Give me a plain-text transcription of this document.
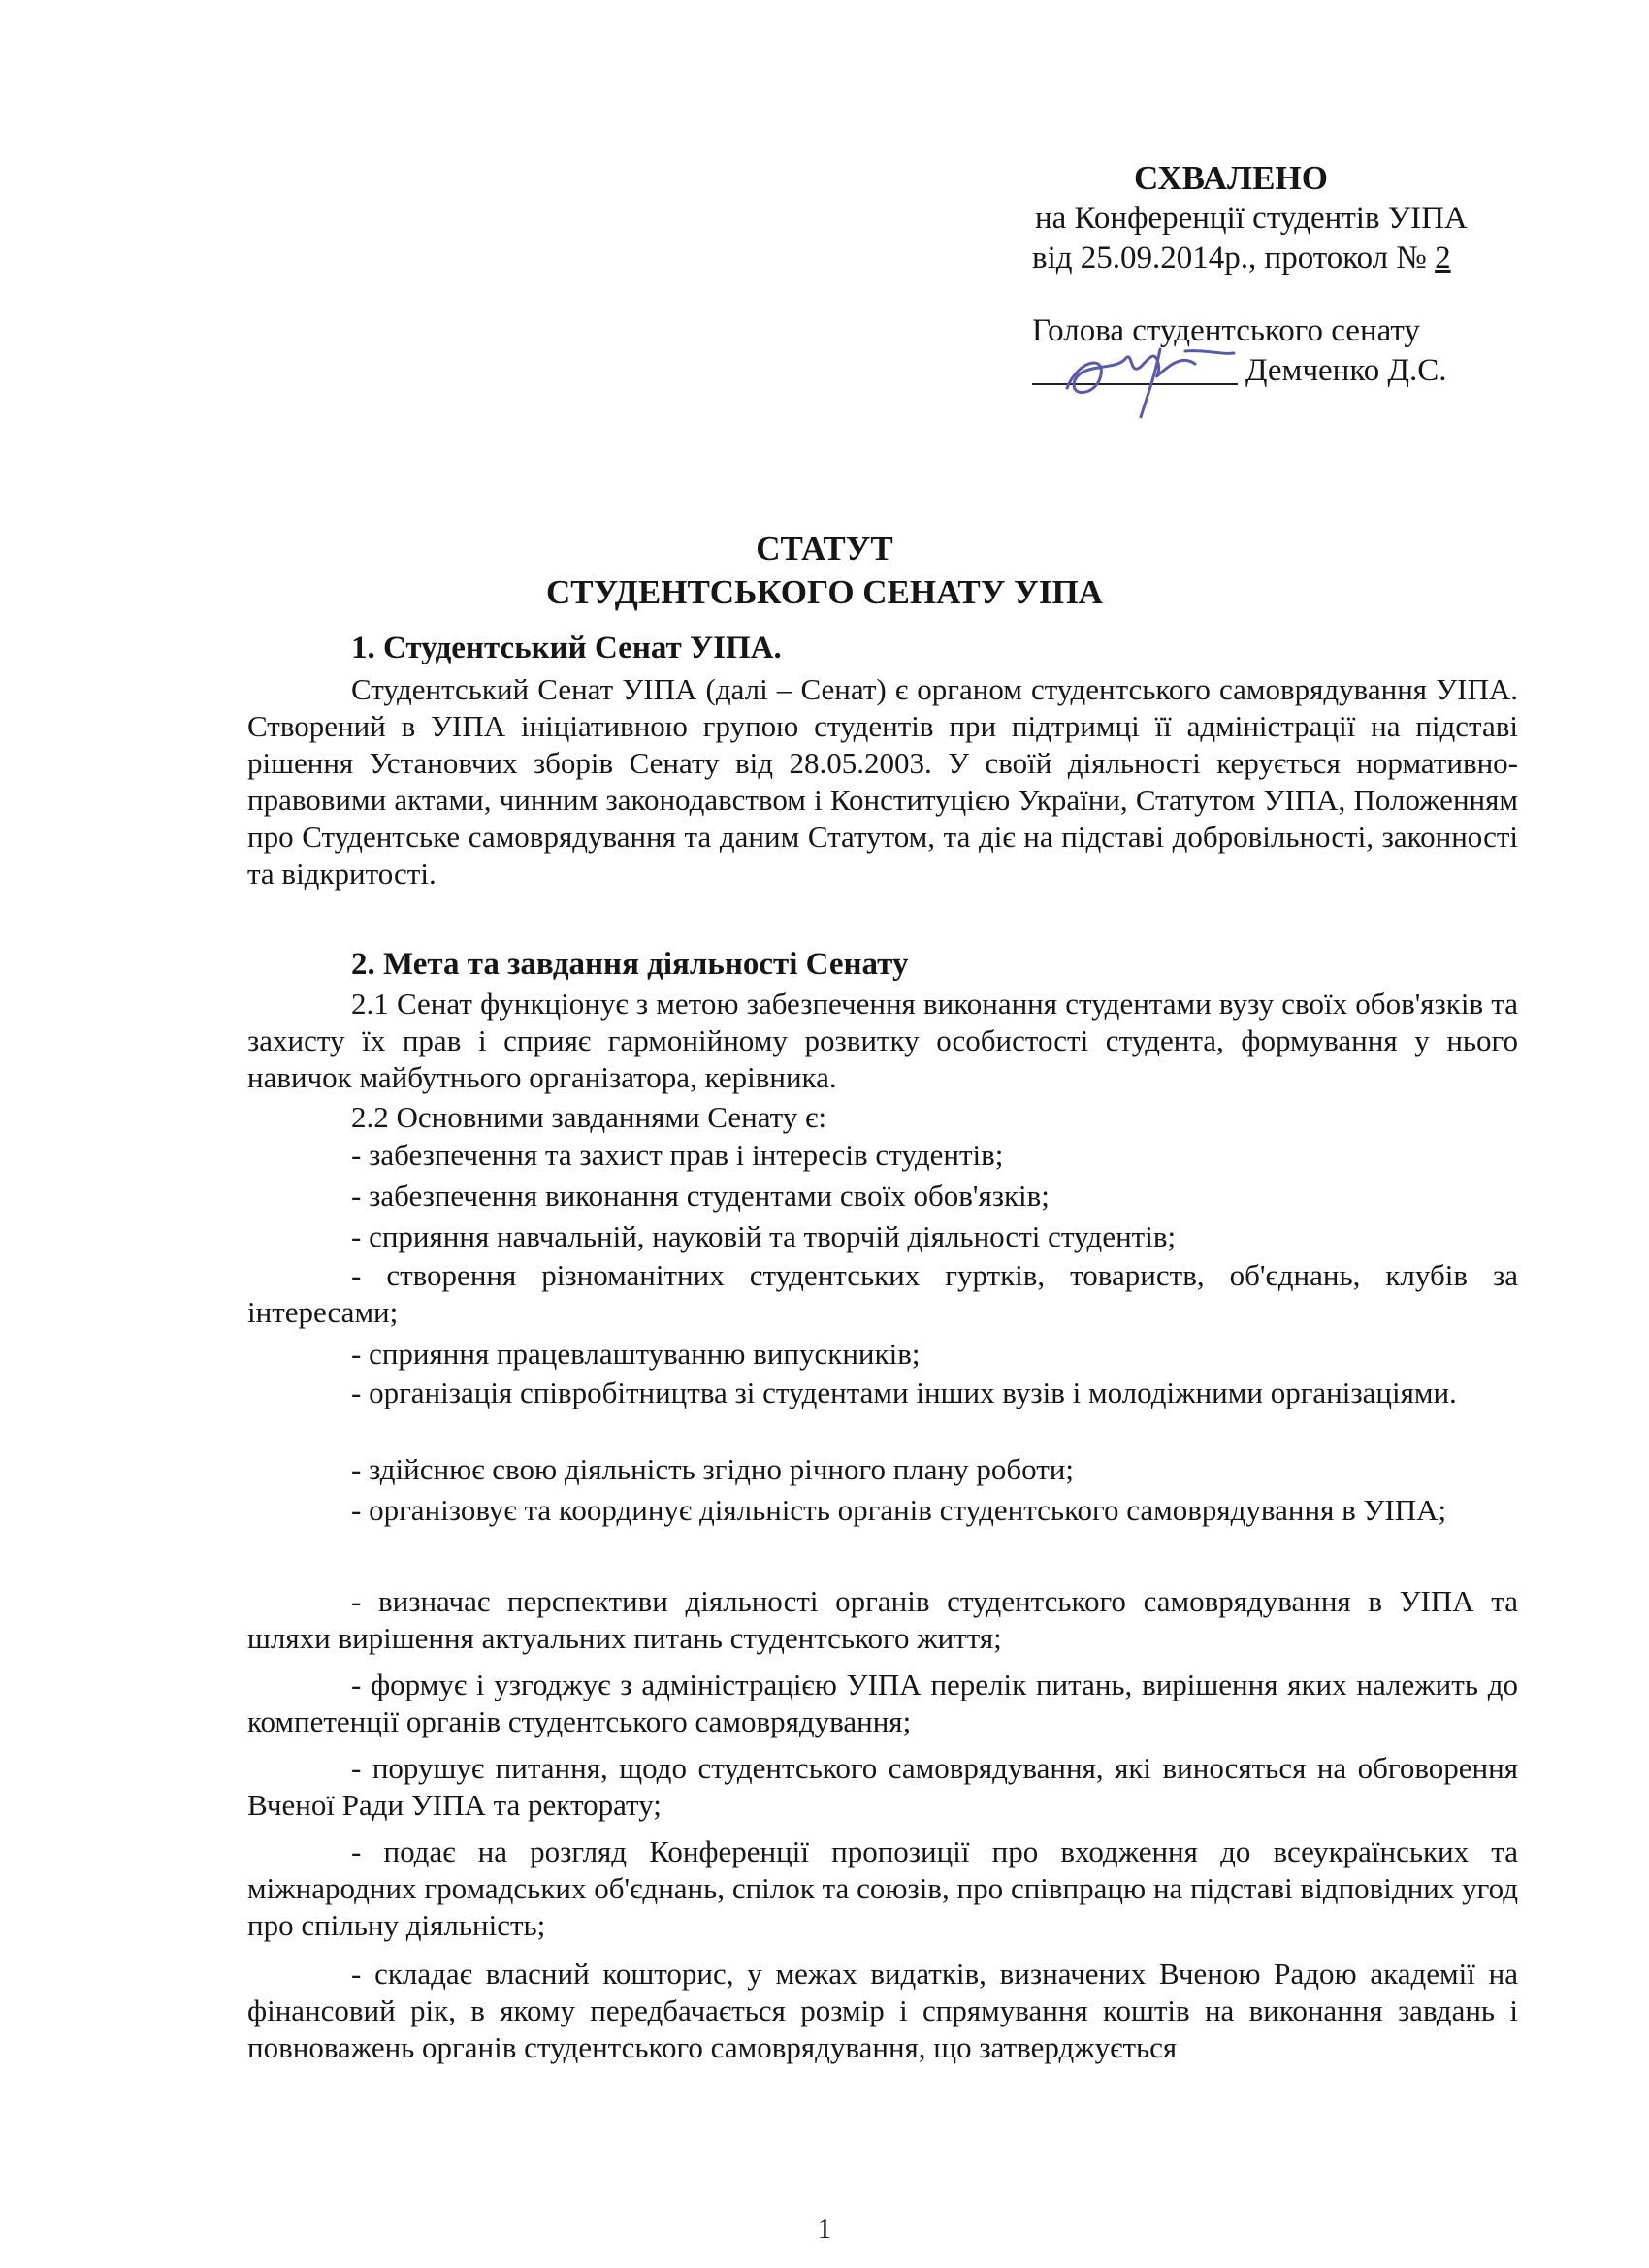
СХВАЛЕНО
на Конференції студентів УІПА
від 25.09.2014р., протокол № 2
Голова студентського сенату
Демченко Д.С.
СТАТУТ
СТУДЕНТСЬКОГО СЕНАТУ УІПА
1. Студентський Сенат УІПА.
Студентський Сенат УІПА (далі – Сенат) є органом студентського самоврядування УІПА. Створений в УІПА ініціативною групою студентів при підтримці її адміністрації на підставі рішення Установчих зборів Сенату від 28.05.2003. У своїй діяльності керується нормативно-правовими актами, чинним законодавством і Конституцією України, Статутом УІПА, Положенням про Студентське самоврядування та даним Статутом, та діє на підставі добровільності, законності та відкритості.
2. Мета та завдання діяльності Сенату
2.1 Сенат функціонує з метою забезпечення виконання студентами вузу своїх обов'язків та захисту їх прав і сприяє гармонійному розвитку особистості студента, формування у нього навичок майбутнього організатора, керівника.
2.2 Основними завданнями Сенату є:
- забезпечення та захист прав і інтересів студентів;
- забезпечення виконання студентами своїх обов'язків;
- сприяння навчальній, науковій та творчій діяльності студентів;
- створення різноманітних студентських гуртків, товариств, об'єднань, клубів за інтересами;
- сприяння працевлаштуванню випускників;
- організація співробітництва зі студентами інших вузів і молодіжними організаціями.
- здійснює свою діяльність згідно річного плану роботи;
- організовує та координує діяльність органів студентського самоврядування в УІПА;
- визначає перспективи діяльності органів студентського самоврядування в УІПА та шляхи вирішення актуальних питань студентського життя;
- формує і узгоджує з адміністрацією УІПА перелік питань, вирішення яких належить до компетенції органів студентського самоврядування;
- порушує питання, щодо студентського самоврядування, які виносяться на обговорення Вченої Ради УІПА та ректорату;
- подає на розгляд Конференції пропозиції про входження до всеукраїнських та міжнародних громадських об'єднань, спілок та союзів, про співпрацю на підставі відповідних угод про спільну діяльність;
- складає власний кошторис, у межах видатків, визначених Вченою Радою академії на фінансовий рік, в якому передбачається розмір і спрямування коштів на виконання завдань і повноважень органів студентського самоврядування, що затверджується
1
